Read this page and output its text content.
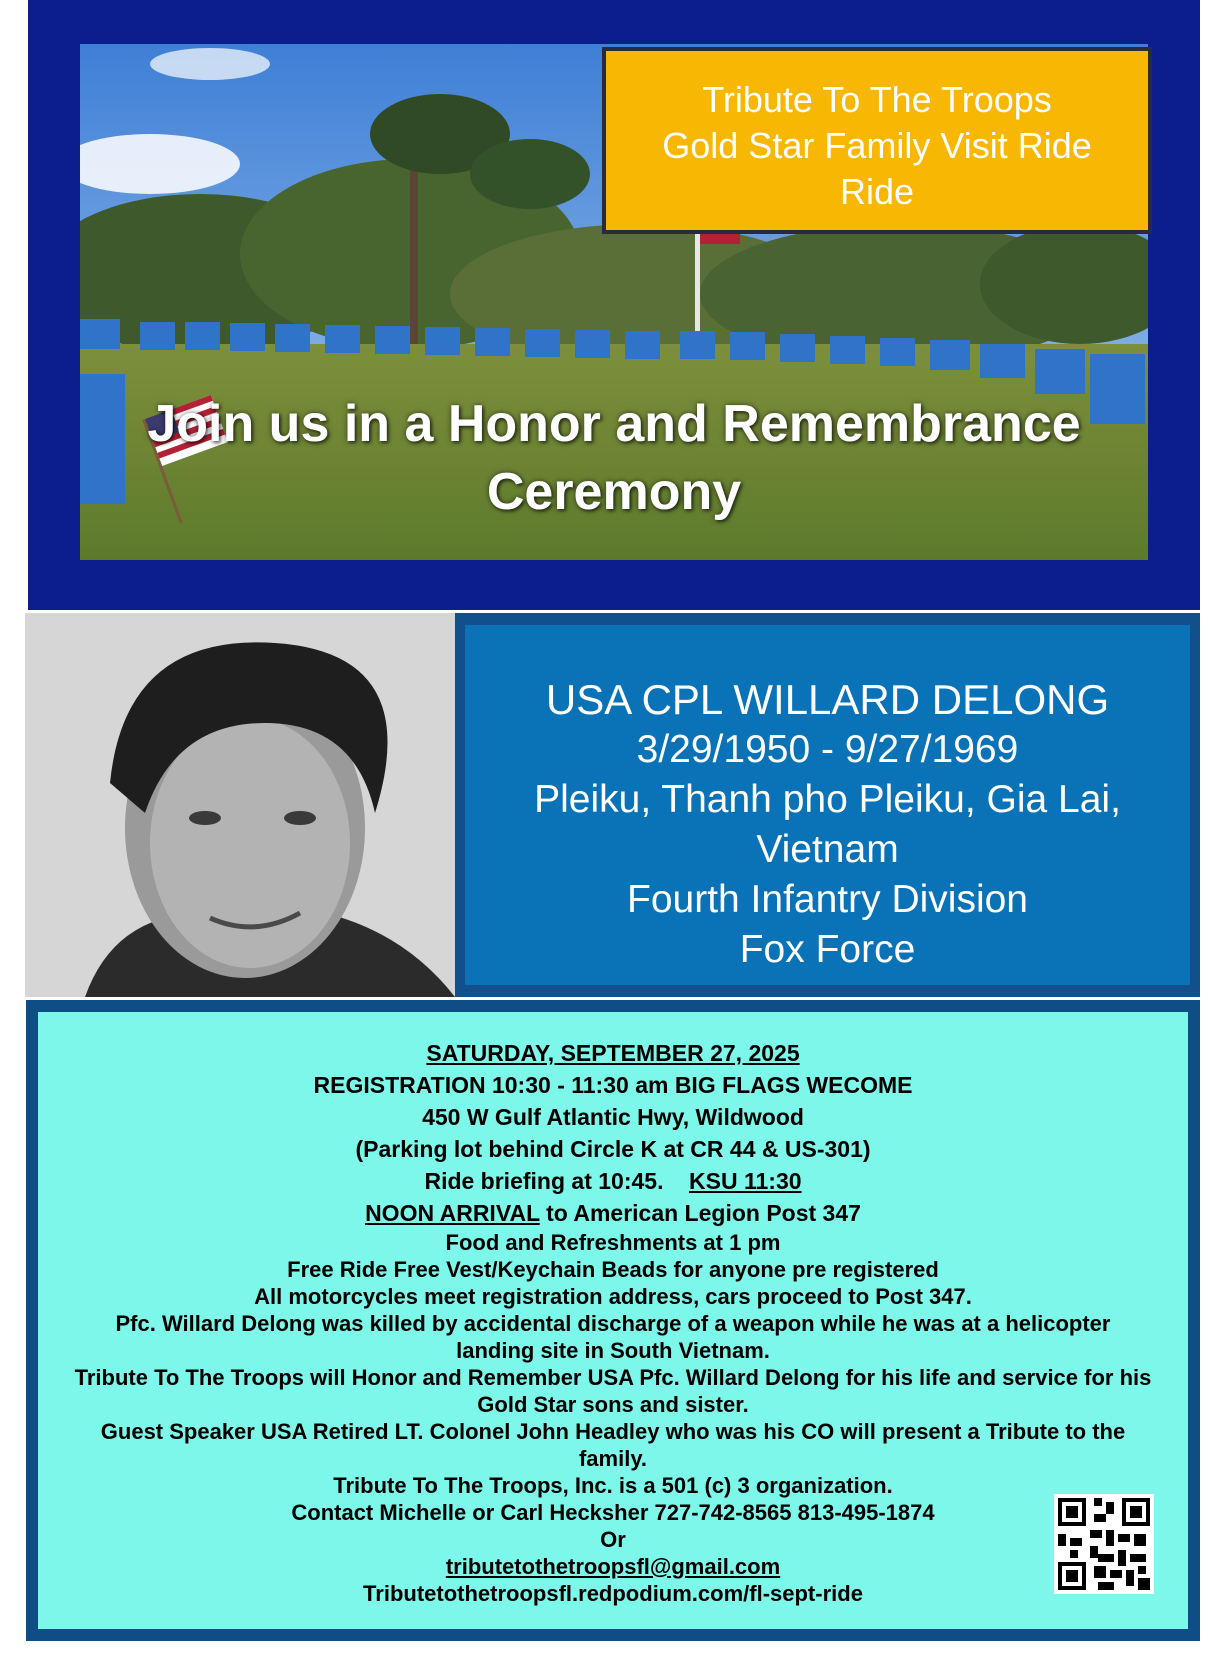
Tribute To The Troops
Gold Star Family Visit Ride
Ride
Join us in a Honor and Remembrance
Ceremony
USA CPL WILLARD DELONG
3/29/1950 - 9/27/1969
Pleiku, Thanh pho Pleiku, Gia Lai,
Vietnam
Fourth Infantry Division
Fox Force
SATURDAY, SEPTEMBER 27, 2025
REGISTRATION 10:30 - 11:30 am BIG FLAGS WECOME
450 W Gulf Atlantic Hwy, Wildwood
(Parking lot behind Circle K at CR 44 & US-301)
Ride briefing at 10:45. KSU 11:30
NOON ARRIVAL to American Legion Post 347
Food and Refreshments at 1 pm
Free Ride Free Vest/Keychain Beads for anyone pre registered
All motorcycles meet registration address, cars proceed to Post 347.
Pfc. Willard Delong was killed by accidental discharge of a weapon while he was at a helicopter
landing site in South Vietnam.
Tribute To The Troops will Honor and Remember USA Pfc. Willard Delong for his life and service for his
Gold Star sons and sister.
Guest Speaker USA Retired LT. Colonel John Headley who was his CO will present a Tribute to the
family.
Tribute To The Troops, Inc. is a 501 (c) 3 organization.
Contact Michelle or Carl Hecksher 727-742-8565 813-495-1874
Or
tributetothetroopsfl@gmail.com
Tributetothetroopsfl.redpodium.com/fl-sept-ride
